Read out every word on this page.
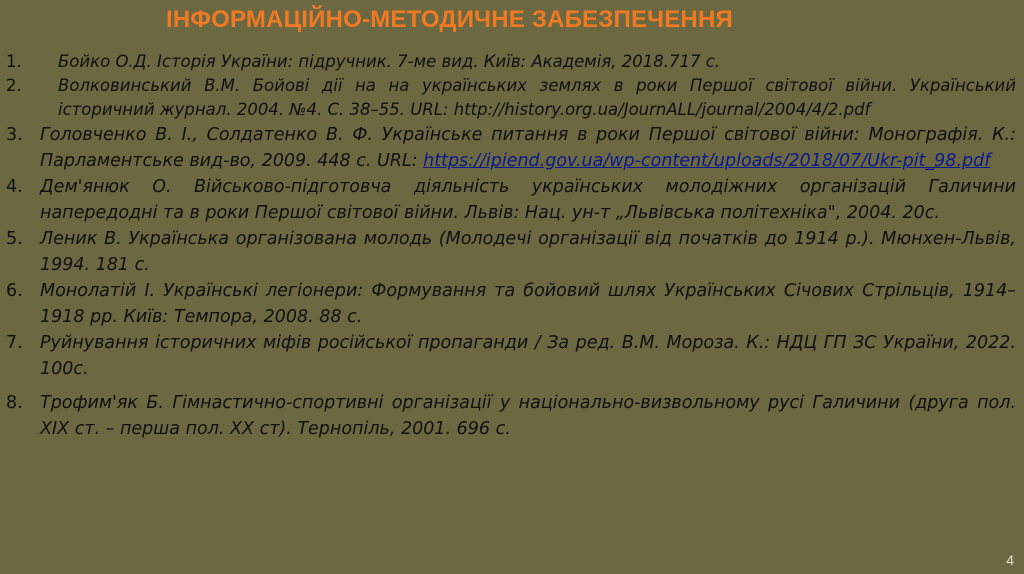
ІНФОРМАЦІЙНО-МЕТОДИЧНЕ ЗАБЕЗПЕЧЕННЯ
1.	Бойко О.Д. Історія України: підручник. 7-ме вид. Київ: Академія, 2018.717 с.
2.	Волковинський В.М. Бойові дії на на українських землях в роки Першої світової війни. Український історичний журнал. 2004. №4. С. 38–55. URL: http://history.org.ua/JournALL/journal/2004/4/2.pdf
3. Головченко В. І., Солдатенко В. Ф. Українське питання в роки Першої світової війни: Монографія. К.: Парламентське вид-во, 2009. 448 с. URL: https://ipiend.gov.ua/wp-content/uploads/2018/07/Ukr-pit_98.pdf
4. Дем'янюк О. Військово-підготовча діяльність українських молодіжних організацій Галичини напередодні та в роки Першої світової війни. Львів: Нац. ун-т „Львівська політехніка", 2004. 20с.
5. Леник В. Українська організована молодь (Молодечі організації від початків до 1914 р.). Мюнхен-Львів, 1994. 181 с.
6. Монолатій І. Українські легіонери: Формування та бойовий шлях Українських Січових Стрільців, 1914–1918 рр. Київ: Темпора, 2008. 88 с.
7. Руйнування історичних міфів російської пропаганди / За ред. В.М. Мороза. К.: НДЦ ГП ЗС України, 2022. 100с.
8. Трофим'як Б. Гімнастично-спортивні організації у національно-визвольному русі Галичини (друга пол. XIX ст. – перша пол. XX ст). Тернопіль, 2001. 696 с.
4
